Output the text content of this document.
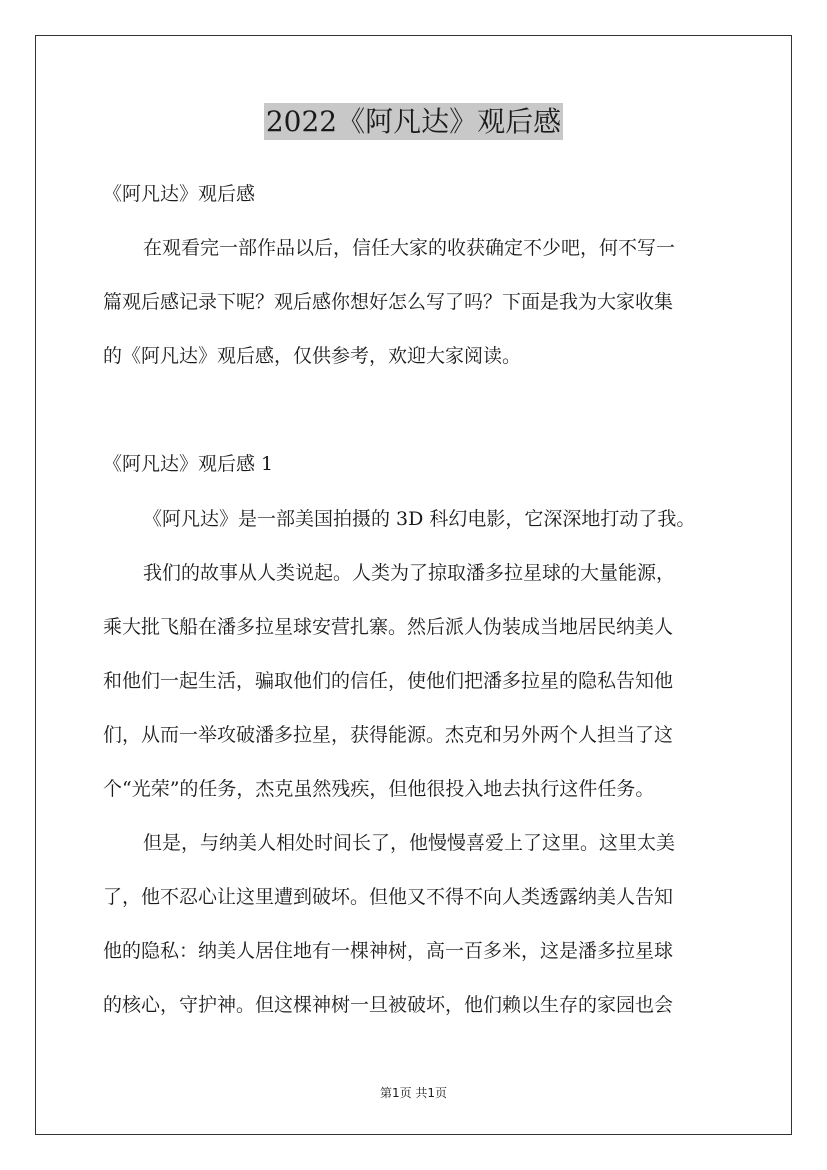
2022《阿凡达》观后感
《阿凡达》观后感
在观看完一部作品以后，信任大家的收获确定不少吧，何不写一
篇观后感记录下呢？观后感你想好怎么写了吗？下面是我为大家收集
的《阿凡达》观后感，仅供参考，欢迎大家阅读。
《阿凡达》观后感 1
《阿凡达》是一部美国拍摄的 3D 科幻电影，它深深地打动了我。
我们的故事从人类说起。人类为了掠取潘多拉星球的大量能源，
乘大批飞船在潘多拉星球安营扎寨。然后派人伪装成当地居民纳美人
和他们一起生活，骗取他们的信任，使他们把潘多拉星的隐私告知他
们，从而一举攻破潘多拉星，获得能源。杰克和另外两个人担当了这
个“光荣”的任务，杰克虽然残疾，但他很投入地去执行这件任务。
但是，与纳美人相处时间长了，他慢慢喜爱上了这里。这里太美
了，他不忍心让这里遭到破坏。但他又不得不向人类透露纳美人告知
他的隐私：纳美人居住地有一棵神树，高一百多米，这是潘多拉星球
的核心，守护神。但这棵神树一旦被破坏，他们赖以生存的家园也会
第1页 共1页
